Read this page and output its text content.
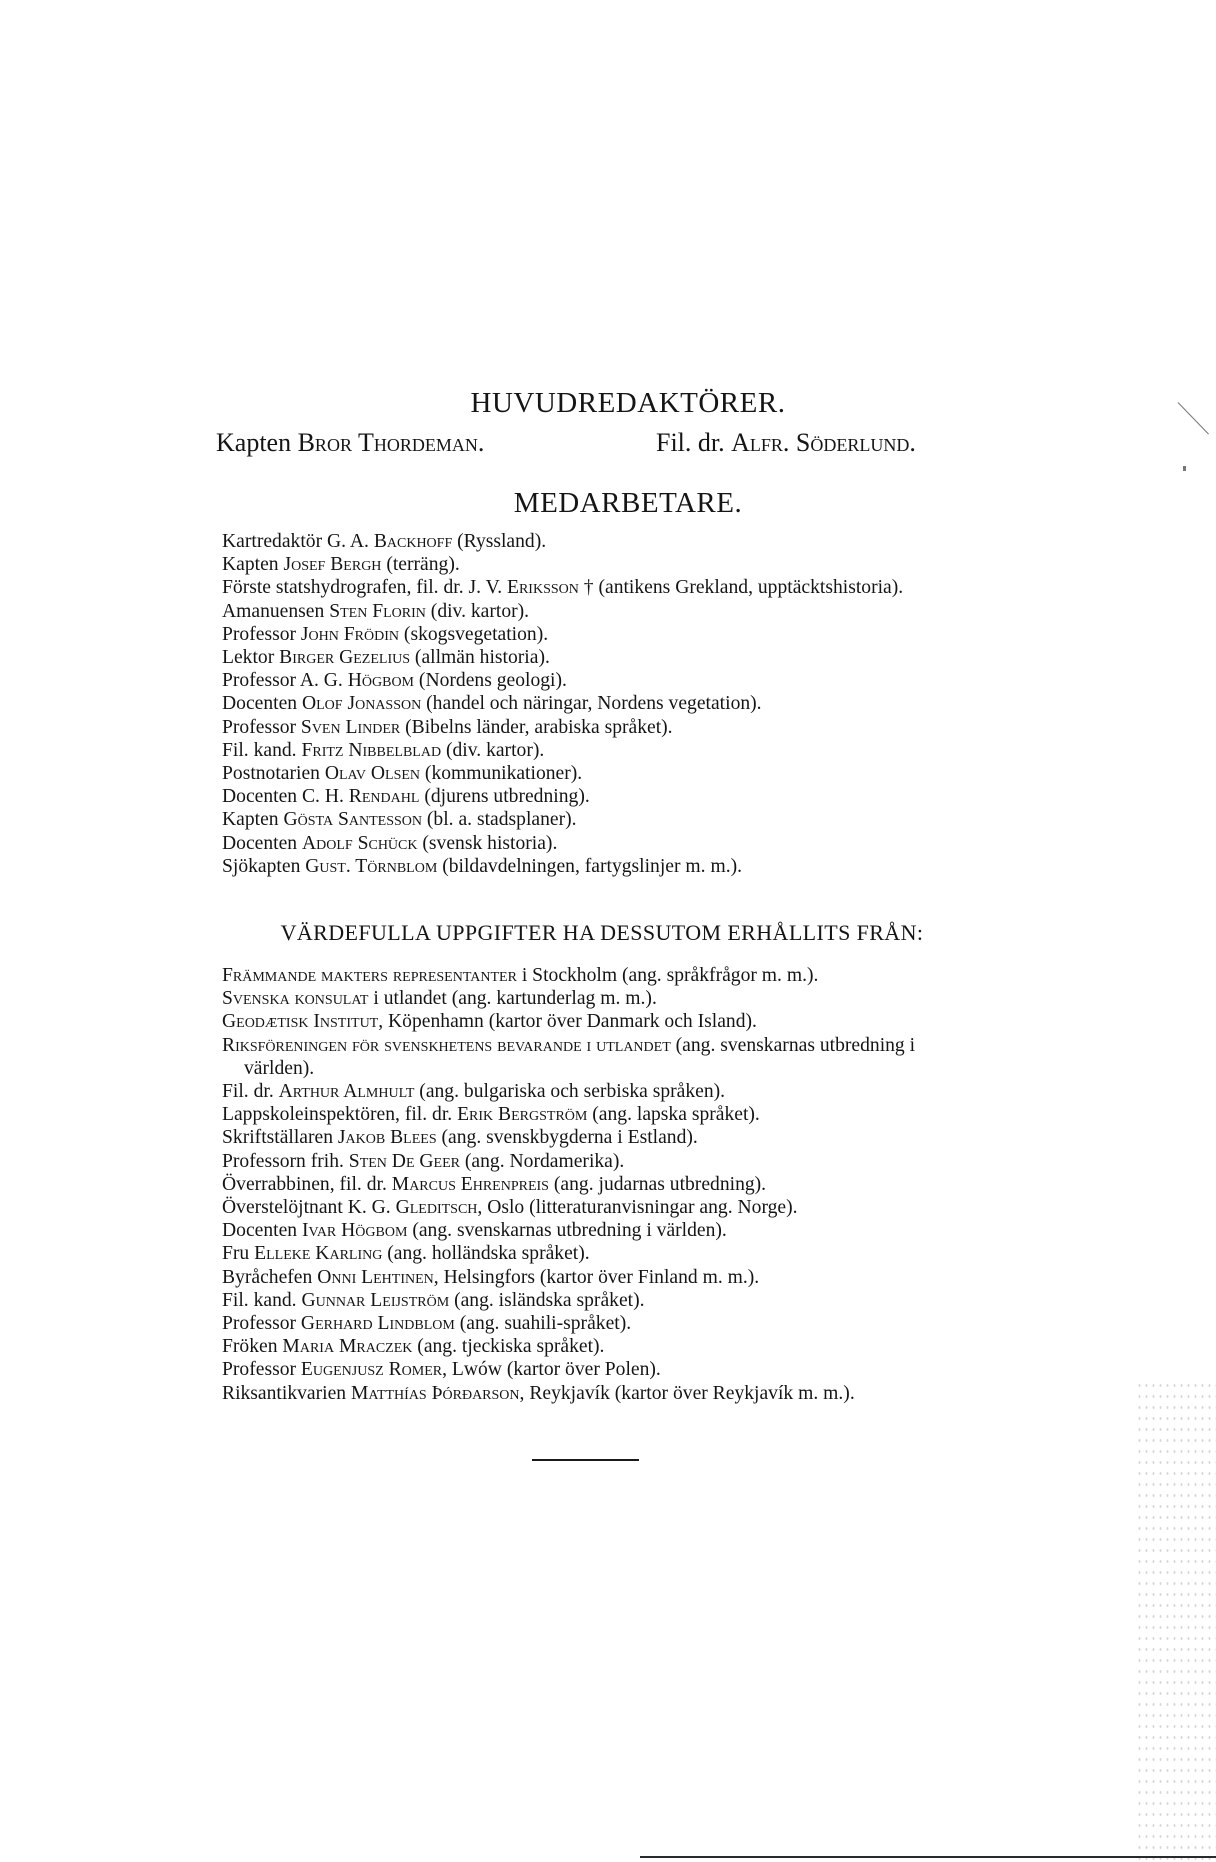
HUVUDREDAKTÖRER.
Kapten Bror Thordeman.	Fil. dr. Alfr. Söderlund.
MEDARBETARE.
Kartredaktör G. A. Backhoff (Ryssland).
Kapten Josef Bergh (terräng).
Förste statshydrografen, fil. dr. J. V. Eriksson † (antikens Grekland, upptäcktshistoria).
Amanuensen Sten Florin (div. kartor).
Professor John Frödin (skogsvegetation).
Lektor Birger Gezelius (allmän historia).
Professor A. G. Högbom (Nordens geologi).
Docenten Olof Jonasson (handel och näringar, Nordens vegetation).
Professor Sven Linder (Bibelns länder, arabiska språket).
Fil. kand. Fritz Nibbelblad (div. kartor).
Postnotarien Olav Olsen (kommunikationer).
Docenten C. H. Rendahl (djurens utbredning).
Kapten Gösta Santesson (bl. a. stadsplaner).
Docenten Adolf Schück (svensk historia).
Sjökapten Gust. Törnblom (bildavdelningen, fartygslinjer m. m.).
VÄRDEFULLA UPPGIFTER HA DESSUTOM ERHÅLLITS FRÅN:
Främmande makters representanter i Stockholm (ang. språkfrågor m. m.).
Svenska konsulat i utlandet (ang. kartunderlag m. m.).
Geodætisk Institut, Köpenhamn (kartor över Danmark och Island).
Riksföreningen för svenskhetens bevarande i utlandet (ang. svenskarnas utbredning i världen).
Fil. dr. Arthur Almhult (ang. bulgariska och serbiska språken).
Lappskoleinspektören, fil. dr. Erik Bergström (ang. lapska språket).
Skriftställaren Jakob Blees (ang. svenskbygderna i Estland).
Professorn frih. Sten De Geer (ang. Nordamerika).
Överrabbinen, fil. dr. Marcus Ehrenpreis (ang. judarnas utbredning).
Överstelöjtnant K. G. Gleditsch, Oslo (litteraturanvisningar ang. Norge).
Docenten Ivar Högbom (ang. svenskarnas utbredning i världen).
Fru Elleke Karling (ang. holländska språket).
Byråchefen Onni Lehtinen, Helsingfors (kartor över Finland m. m.).
Fil. kand. Gunnar Leijström (ang. isländska språket).
Professor Gerhard Lindblom (ang. suahili-språket).
Fröken Maria Mraczek (ang. tjeckiska språket).
Professor Eugenjusz Romer, Lwów (kartor över Polen).
Riksantikvarien Matthías Þórðarson, Reykjavík (kartor över Reykjavík m. m.).
